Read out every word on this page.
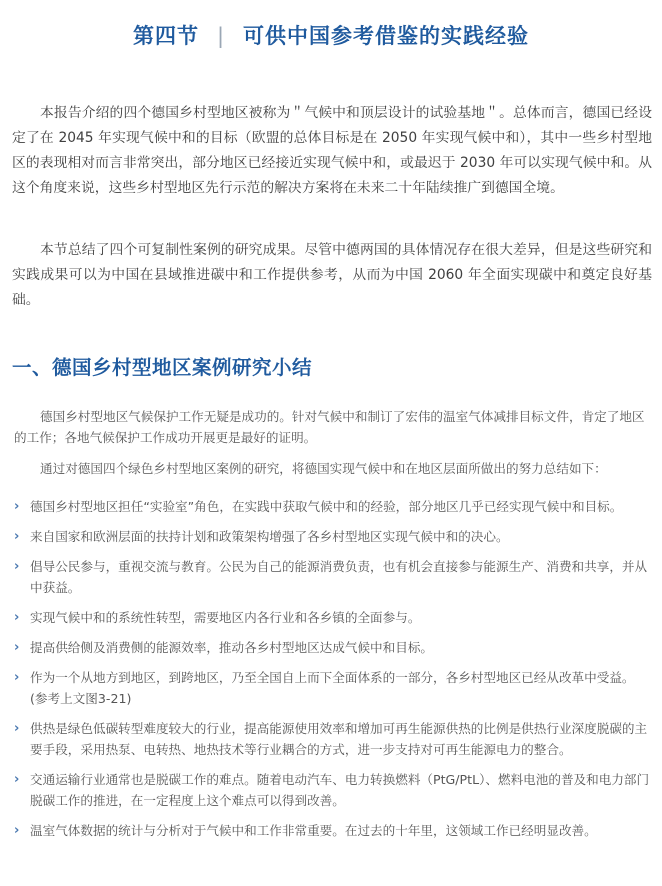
第四节 | 可供中国参考借鉴的实践经验

本报告介绍的四个德国乡村型地区被称为＂气候中和顶层设计的试验基地＂。总体而言，德国已经设定了在 2045 年实现气候中和的目标（欧盟的总体目标是在 2050 年实现气候中和），其中一些乡村型地区的表现相对而言非常突出，部分地区已经接近实现气候中和，或最迟于 2030 年可以实现气候中和。从这个角度来说，这些乡村型地区先行示范的解决方案将在未来二十年陆续推广到德国全境。

本节总结了四个可复制性案例的研究成果。尽管中德两国的具体情况存在很大差异，但是这些研究和实践成果可以为中国在县域推进碳中和工作提供参考，从而为中国 2060 年全面实现碳中和奠定良好基础。

一、德国乡村型地区案例研究小结

德国乡村型地区气候保护工作无疑是成功的。针对气候中和制订了宏伟的温室气体减排目标文件，肯定了地区的工作；各地气候保护工作成功开展更是最好的证明。

通过对德国四个绿色乡村型地区案例的研究，将德国实现气候中和在地区层面所做出的努力总结如下：

› 德国乡村型地区担任“实验室”角色，在实践中获取气候中和的经验，部分地区几乎已经实现气候中和目标。
› 来自国家和欧洲层面的扶持计划和政策架构增强了各乡村型地区实现气候中和的决心。
› 倡导公民参与，重视交流与教育。公民为自己的能源消费负责，也有机会直接参与能源生产、消费和共享，并从中获益。
› 实现气候中和的系统性转型，需要地区内各行业和各乡镇的全面参与。
› 提高供给侧及消费侧的能源效率，推动各乡村型地区达成气候中和目标。
› 作为一个从地方到地区，到跨地区，乃至全国自上而下全面体系的一部分，各乡村型地区已经从改革中受益。(参考上文图3-21)
› 供热是绿色低碳转型难度较大的行业，提高能源使用效率和增加可再生能源供热的比例是供热行业深度脱碳的主要手段，采用热泵、电转热、地热技术等行业耦合的方式，进一步支持对可再生能源电力的整合。
› 交通运输行业通常也是脱碳工作的难点。随着电动汽车、电力转换燃料（PtG/PtL）、燃料电池的普及和电力部门脱碳工作的推进，在一定程度上这个难点可以得到改善。
› 温室气体数据的统计与分析对于气候中和工作非常重要。在过去的十年里，这领域工作已经明显改善。
